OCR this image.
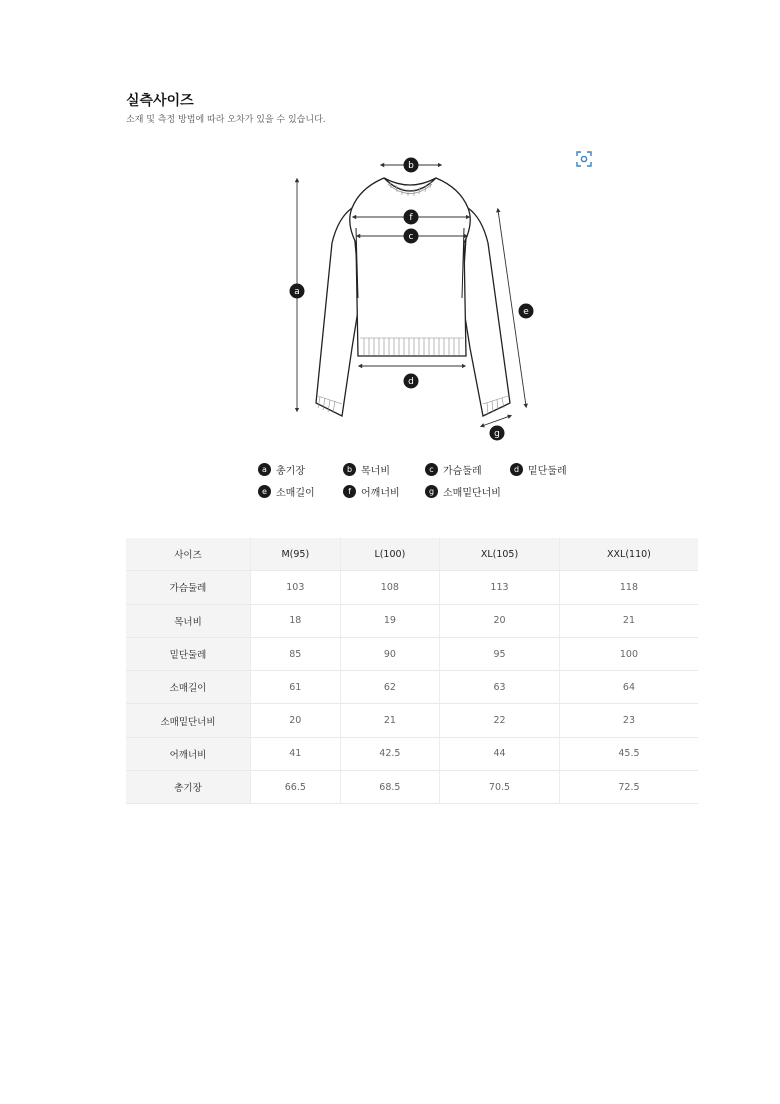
실측사이즈
소재 및 측정 방법에 따라 오차가 있을 수 있습니다.
a
b
f
c
d
e
g
a 총기장	b 목너비	c 가슴둘레	d 밑단둘레
e 소매길이	f	어깨너비	g 소매밑단너비
사이즈	M(95)	L(100)	XL(105)	XXL(110)
가슴둘레	103	108	113	118
목너비	18	19	20	21
밑단둘레	85	90	95	100
소매길이	61	62	63	64
소매밑단너비	20	21	22	23
어깨너비	41	42.5	44	45.5
총기장	66.5	68.5	70.5	72.5
